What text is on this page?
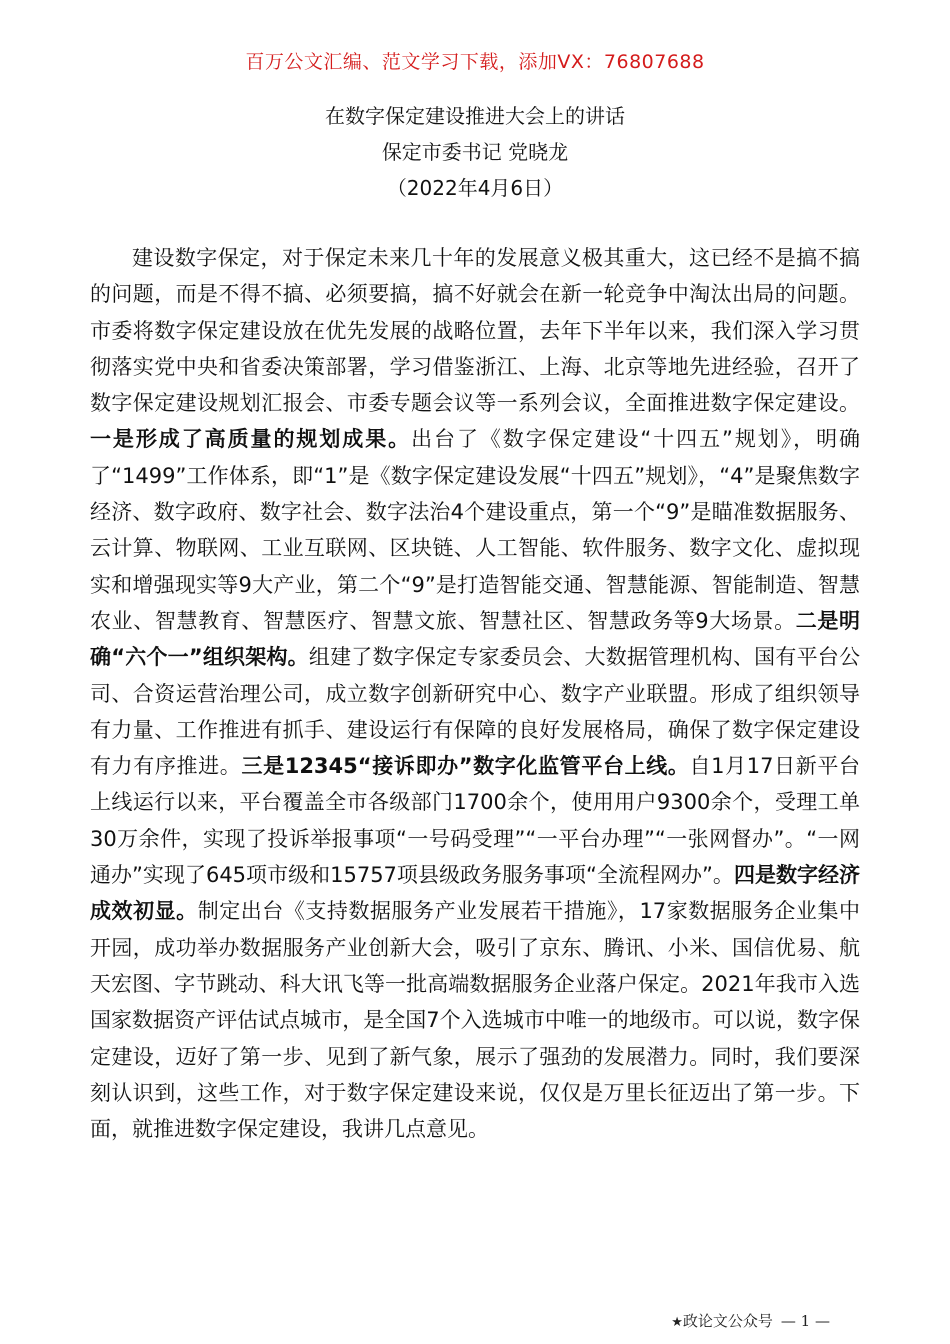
百万公文汇编、范文学习下载，添加VX：76807688
在数字保定建设推进大会上的讲话
保定市委书记 党晓龙
（2022年4月6日）

建设数字保定，对于保定未来几十年的发展意义极其重大，这已经不是搞不搞的问题，而是不得不搞、必须要搞，搞不好就会在新一轮竞争中淘汰出局的问题。市委将数字保定建设放在优先发展的战略位置，去年下半年以来，我们深入学习贯彻落实党中央和省委决策部署，学习借鉴浙江、上海、北京等地先进经验，召开了数字保定建设规划汇报会、市委专题会议等一系列会议，全面推进数字保定建设。一是形成了高质量的规划成果。出台了《数字保定建设“十四五”规划》，明确了“1499”工作体系，即“1”是《数字保定建设发展“十四五”规划》，“4”是聚焦数字经济、数字政府、数字社会、数字法治4个建设重点，第一个“9”是瞄准数据服务、云计算、物联网、工业互联网、区块链、人工智能、软件服务、数字文化、虚拟现实和增强现实等9大产业，第二个“9”是打造智能交通、智慧能源、智能制造、智慧农业、智慧教育、智慧医疗、智慧文旅、智慧社区、智慧政务等9大场景。二是明确“六个一”组织架构。组建了数字保定专家委员会、大数据管理机构、国有平台公司、合资运营治理公司，成立数字创新研究中心、数字产业联盟。形成了组织领导有力量、工作推进有抓手、建设运行有保障的良好发展格局，确保了数字保定建设有力有序推进。三是12345“接诉即办”数字化监管平台上线。自1月17日新平台上线运行以来，平台覆盖全市各级部门1700余个，使用用户9300余个，受理工单30万余件，实现了投诉举报事项“一号码受理”“一平台办理”“一张网督办”。“一网通办”实现了645项市级和15757项县级政务服务事项“全流程网办”。四是数字经济成效初显。制定出台《支持数据服务产业发展若干措施》，17家数据服务企业集中开园，成功举办数据服务产业创新大会，吸引了京东、腾讯、小米、国信优易、航天宏图、字节跳动、科大讯飞等一批高端数据服务企业落户保定。2021年我市入选国家数据资产评估试点城市，是全国7个入选城市中唯一的地级市。可以说，数字保定建设，迈好了第一步、见到了新气象，展示了强劲的发展潜力。同时，我们要深刻认识到，这些工作，对于数字保定建设来说，仅仅是万里长征迈出了第一步。下面，就推进数字保定建设，我讲几点意见。

★政论文公众号 — 1 —
